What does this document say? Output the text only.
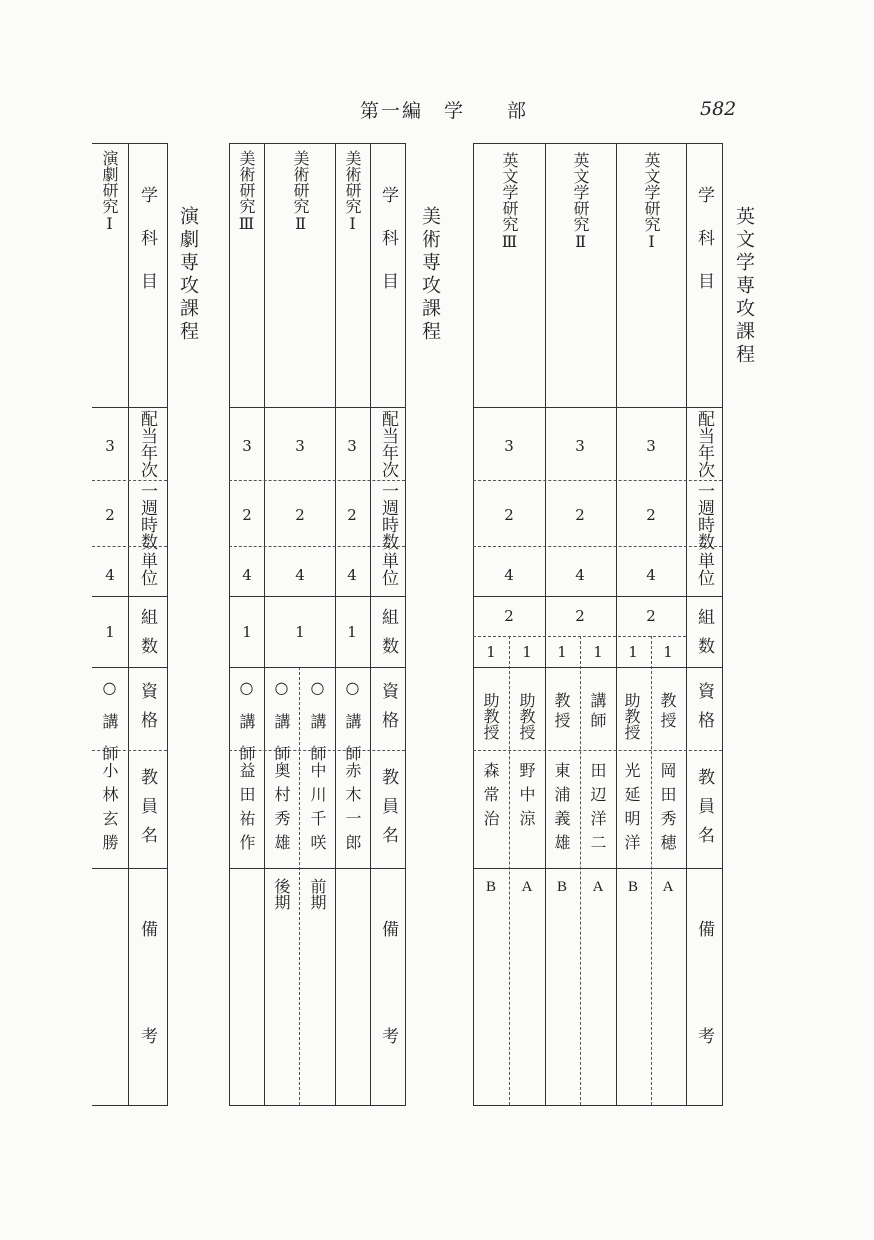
第一編　学　　部	582
英文学専攻課程
学科目
配当年次
一週時数
単位
組数
資格
教員名
備考
英文学研究Ⅰ
3
2
4
2
1
1
教授
助教授
岡田秀穂
光延明洋
A
B
英文学研究Ⅱ
3
2
4
2
1
1
講師
教授
田辺洋二
東浦義雄
A
B
英文学研究Ⅲ
3
2
4
2
1
1
助教授
助教授
野中涼
森常治
A
B
美術専攻課程
学科目
配当年次
一週時数
単位
組数
資格
教員名
備考
美術研究Ⅰ
3
2
4
1
○講師
赤木一郎
美術研究Ⅱ
3
2
4
1
○講師
○講師
中川千咲
奥村秀雄
前期
後期
美術研究Ⅲ
3
2
4
1
○講師
益田祐作
演劇専攻課程
学科目
配当年次
一週時数
単位
組数
資格
教員名
備考
演劇研究Ⅰ
3
2
4
1
○講師
小林玄勝
